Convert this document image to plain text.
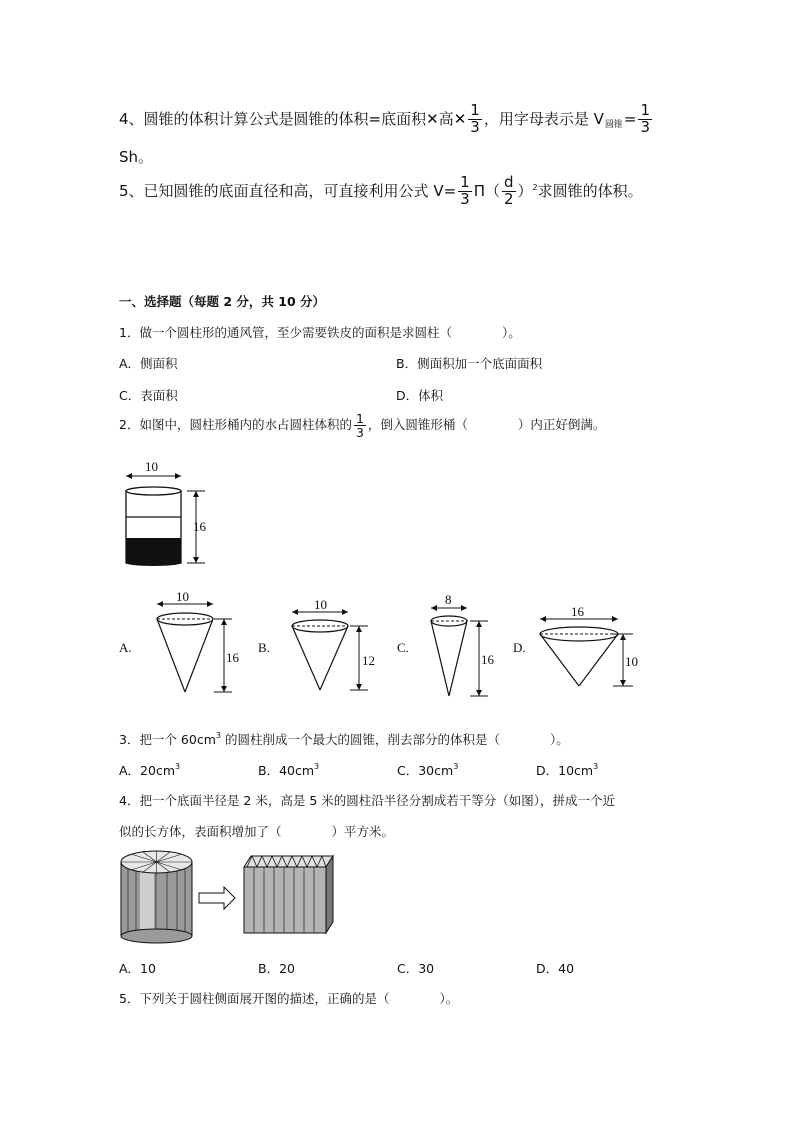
4、圆锥的体积计算公式是圆锥的体积=底面积✕高✕ $\frac{1}{3}$ ，用字母表示是 $V_{圆锥}= \frac{1}{3}$
Sh。
5、已知圆锥的底面直径和高，可直接利用公式 $V= \frac{1}{3} П( \frac{d}{2} )^2$求圆锥的体积。
一、选择题（每题 2 分，共 10 分）
1．做一个圆柱形的通风管，至少需要铁皮的面积是求圆柱（　　　　）。
A．侧面积	B．侧面积加一个底面面积
C．表面积	D．体积
2．如图中，圆柱形桶内的水占圆柱体积的 $\frac{1}{3}$ ，倒入圆锥形桶（　　　　）内正好倒满。
10
16
A.
10
16
B.
10
12
C.
8
16
D.
16
10
3．把一个 $60cm^3$ 的圆柱削成一个最大的圆锥，削去部分的体积是（　　　　）。
A．$20cm^3$	B．$40cm^3$	C．$30cm^3$	D．$10cm^3$
4．把一个底面半径是 2 米，高是 5 米的圆柱沿半径分割成若干等分（如图），拼成一个近
似的长方体，表面积增加了（　　　　）平方米。
A．10	B．20	C．30	D．40
5．下列关于圆柱侧面展开图的描述，正确的是（　　　　）。
